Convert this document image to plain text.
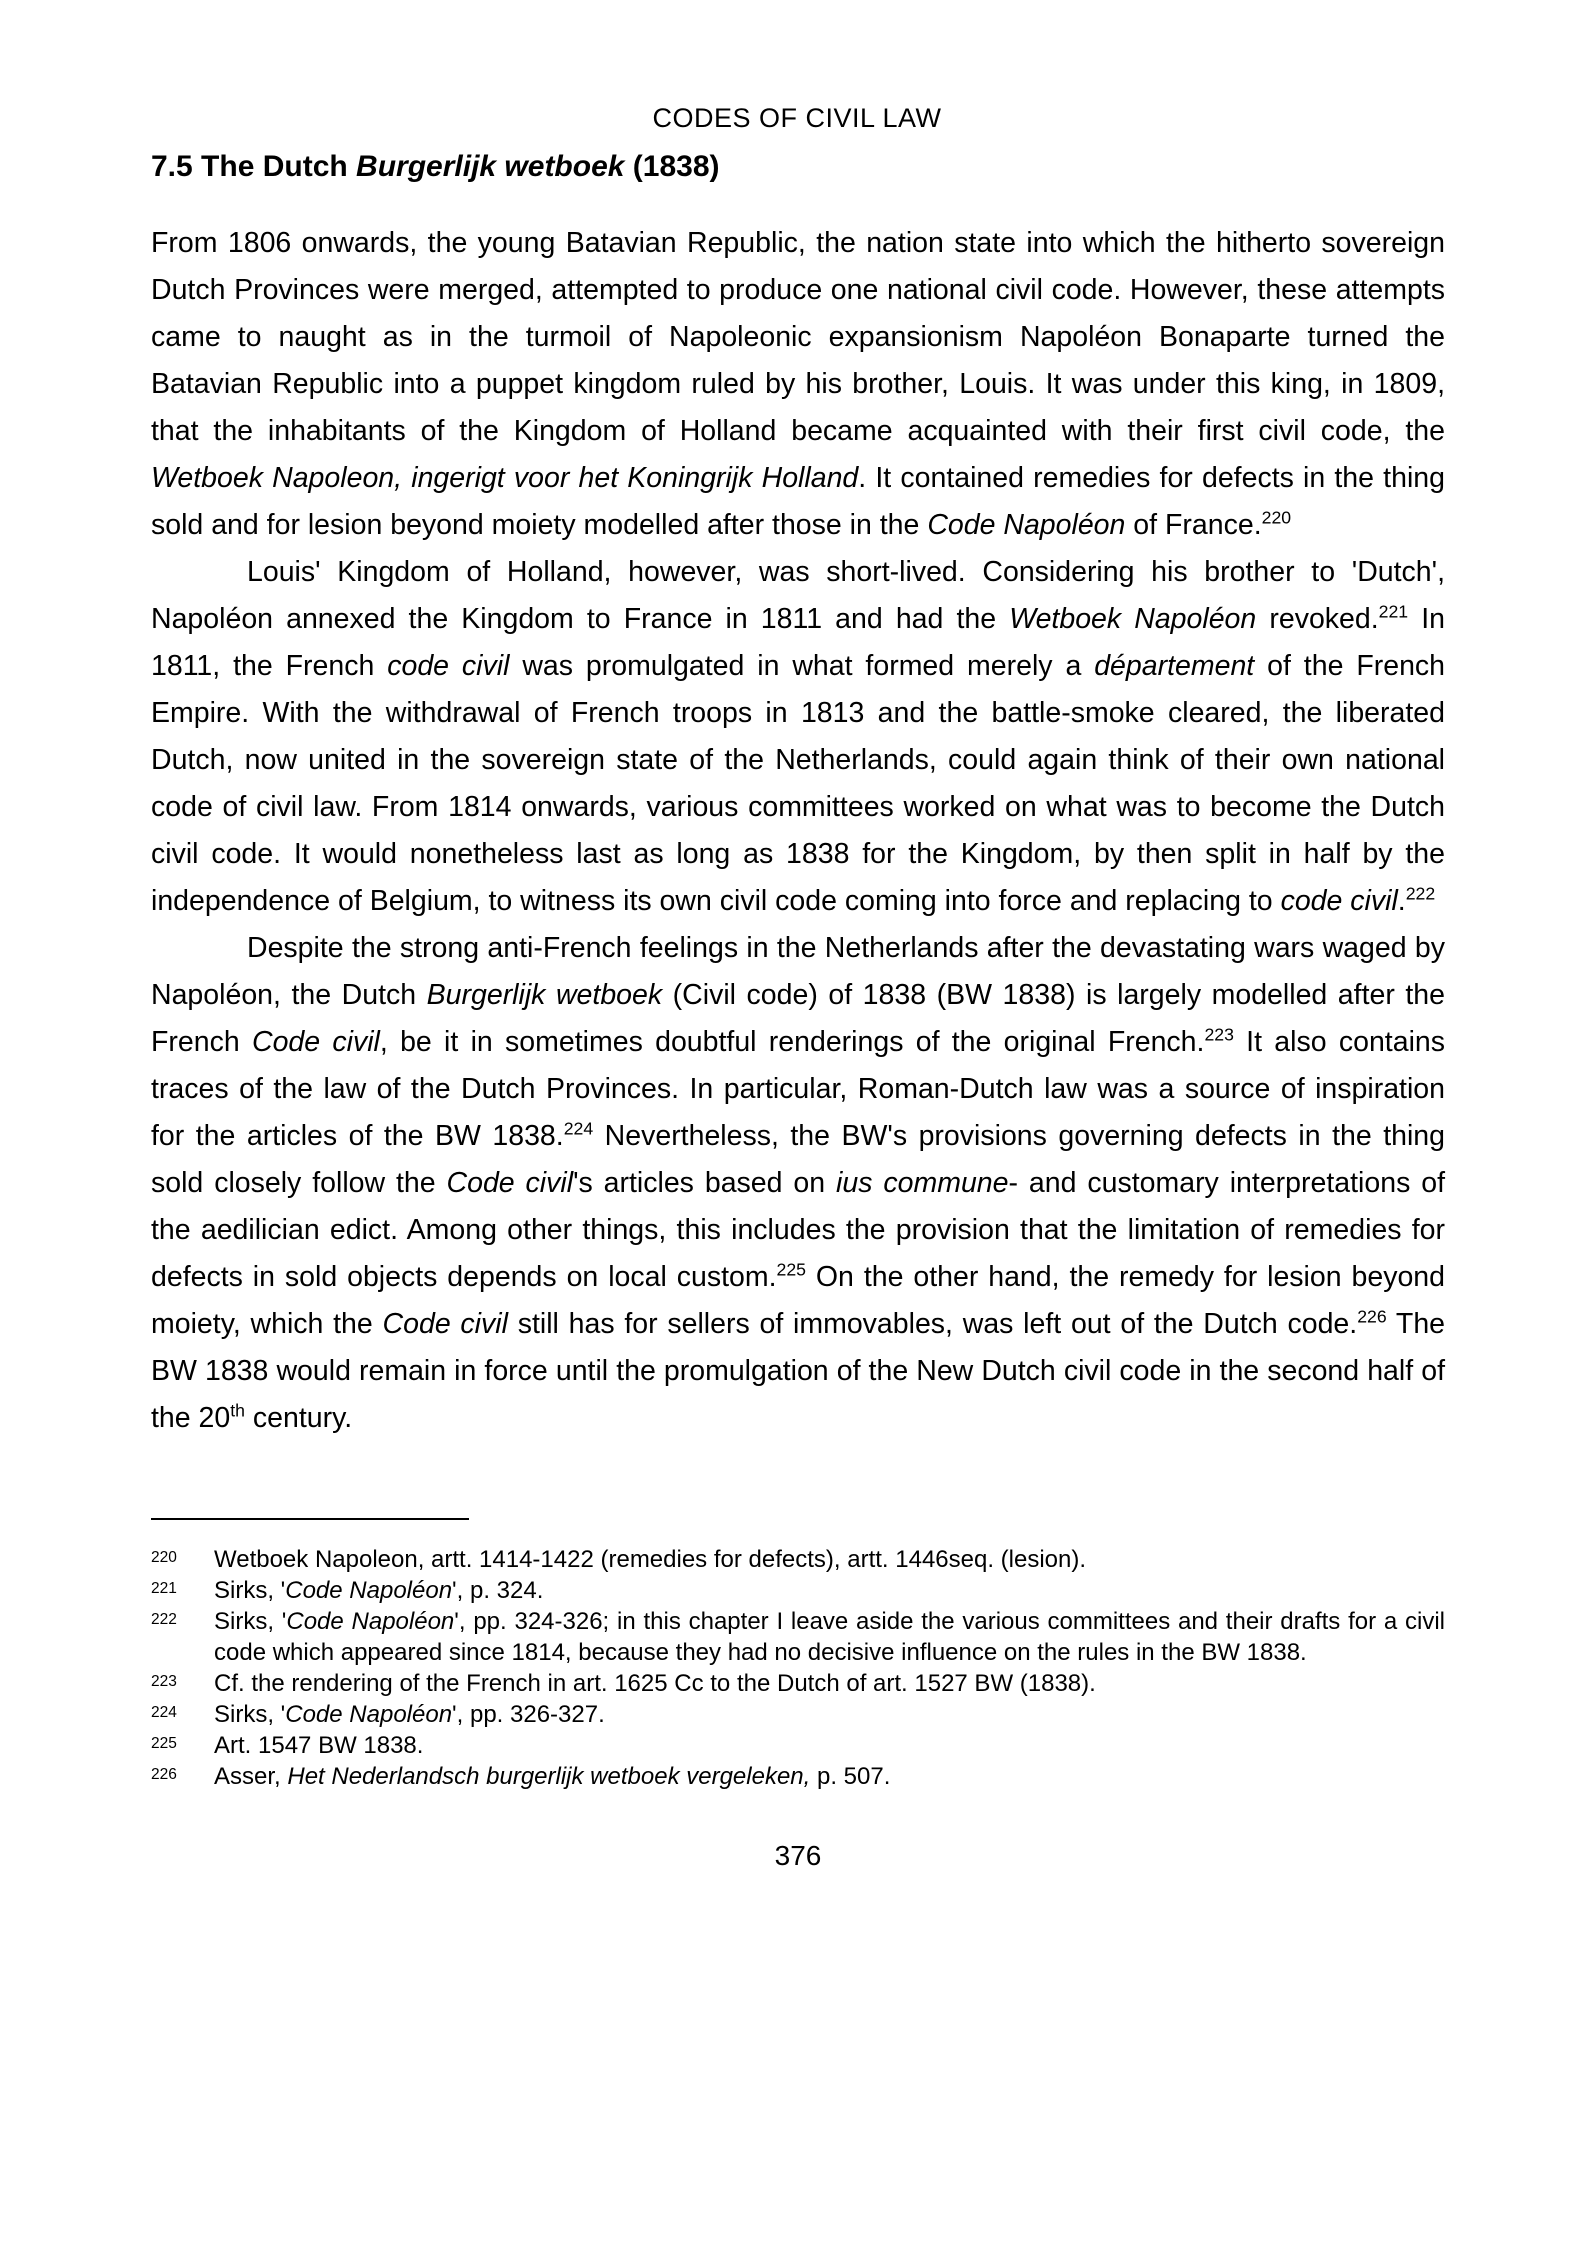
CODES OF CIVIL LAW
7.5 The Dutch Burgerlijk wetboek (1838)

From 1806 onwards, the young Batavian Republic, the nation state into which the hitherto sovereign Dutch Provinces were merged, attempted to produce one national civil code. However, these attempts came to naught as in the turmoil of Napoleonic expansionism Napoléon Bonaparte turned the Batavian Republic into a puppet kingdom ruled by his brother, Louis. It was under this king, in 1809, that the inhabitants of the Kingdom of Holland became acquainted with their first civil code, the Wetboek Napoleon, ingerigt voor het Koningrijk Holland. It contained remedies for defects in the thing sold and for lesion beyond moiety modelled after those in the Code Napoléon of France.$^{220}$

Louis' Kingdom of Holland, however, was short-lived. Considering his brother to 'Dutch', Napoléon annexed the Kingdom to France in 1811 and had the Wetboek Napoléon revoked.$^{221}$ In 1811, the French code civil was promulgated in what formed merely a département of the French Empire. With the withdrawal of French troops in 1813 and the battle-smoke cleared, the liberated Dutch, now united in the sovereign state of the Netherlands, could again think of their own national code of civil law. From 1814 onwards, various committees worked on what was to become the Dutch civil code. It would nonetheless last as long as 1838 for the Kingdom, by then split in half by the independence of Belgium, to witness its own civil code coming into force and replacing to code civil.$^{222}$

Despite the strong anti-French feelings in the Netherlands after the devastating wars waged by Napoléon, the Dutch Burgerlijk wetboek (Civil code) of 1838 (BW 1838) is largely modelled after the French Code civil, be it in sometimes doubtful renderings of the original French.$^{223}$ It also contains traces of the law of the Dutch Provinces. In particular, Roman-Dutch law was a source of inspiration for the articles of the BW 1838.$^{224}$ Nevertheless, the BW's provisions governing defects in the thing sold closely follow the Code civil's articles based on ius commune- and customary interpretations of the aedilician edict. Among other things, this includes the provision that the limitation of remedies for defects in sold objects depends on local custom.$^{225}$ On the other hand, the remedy for lesion beyond moiety, which the Code civil still has for sellers of immovables, was left out of the Dutch code.$^{226}$ The BW 1838 would remain in force until the promulgation of the New Dutch civil code in the second half of the 20th century.

220 Wetboek Napoleon, artt. 1414-1422 (remedies for defects), artt. 1446seq. (lesion).
221 Sirks, 'Code Napoléon', p. 324.
222 Sirks, 'Code Napoléon', pp. 324-326; in this chapter I leave aside the various committees and their drafts for a civil code which appeared since 1814, because they had no decisive influence on the rules in the BW 1838.
223 Cf. the rendering of the French in art. 1625 Cc to the Dutch of art. 1527 BW (1838).
224 Sirks, 'Code Napoléon', pp. 326-327.
225 Art. 1547 BW 1838.
226 Asser, Het Nederlandsch burgerlijk wetboek vergeleken, p. 507.
376
